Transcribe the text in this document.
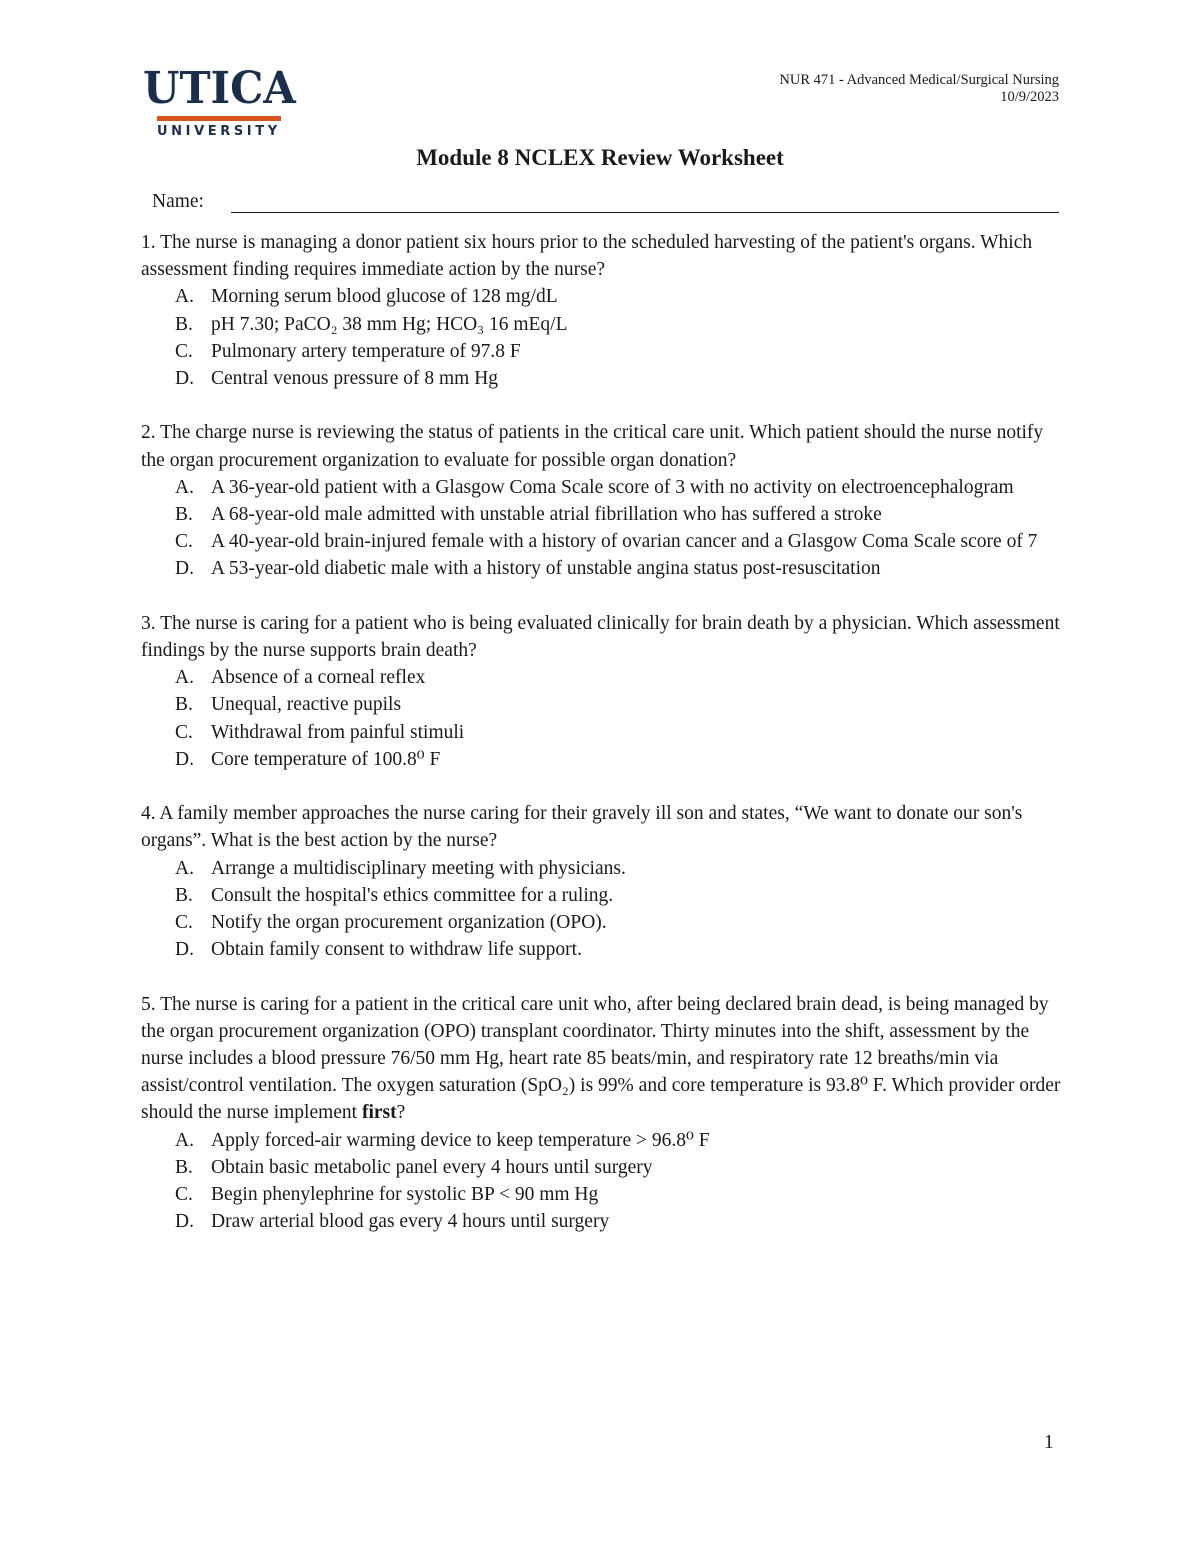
UTICA
UNIVERSITY
NUR 471 - Advanced Medical/Surgical Nursing
10/9/2023
Module 8 NCLEX Review Worksheet
Name:

1. The nurse is managing a donor patient six hours prior to the scheduled harvesting of the patient's organs. Which assessment finding requires immediate action by the nurse?

A. Morning serum blood glucose of 128 mg/dL
B. pH 7.30; PaCO₂ 38 mm Hg; HCO₃ 16 mEq/L
C. Pulmonary artery temperature of 97.8 F
D. Central venous pressure of 8 mm Hg

2. The charge nurse is reviewing the status of patients in the critical care unit. Which patient should the nurse notify the organ procurement organization to evaluate for possible organ donation?

A. A 36-year-old patient with a Glasgow Coma Scale score of 3 with no activity on electroencephalogram
B. A 68-year-old male admitted with unstable atrial fibrillation who has suffered a stroke
C. A 40-year-old brain-injured female with a history of ovarian cancer and a Glasgow Coma Scale score of 7
D. A 53-year-old diabetic male with a history of unstable angina status post-resuscitation

3. The nurse is caring for a patient who is being evaluated clinically for brain death by a physician. Which assessment findings by the nurse supports brain death?

A. Absence of a corneal reflex
B. Unequal, reactive pupils
C. Withdrawal from painful stimuli
D. Core temperature of 100.8⁰ F

4. A family member approaches the nurse caring for their gravely ill son and states, “We want to donate our son's organs”. What is the best action by the nurse?

A. Arrange a multidisciplinary meeting with physicians.
B. Consult the hospital's ethics committee for a ruling.
C. Notify the organ procurement organization (OPO).
D. Obtain family consent to withdraw life support.

5. The nurse is caring for a patient in the critical care unit who, after being declared brain dead, is being managed by the organ procurement organization (OPO) transplant coordinator. Thirty minutes into the shift, assessment by the nurse includes a blood pressure 76/50 mm Hg, heart rate 85 beats/min, and respiratory rate 12 breaths/min via assist/control ventilation. The oxygen saturation (SpO₂) is 99% and core temperature is 93.8⁰ F. Which provider order should the nurse implement first?

A. Apply forced-air warming device to keep temperature > 96.8⁰ F
B. Obtain basic metabolic panel every 4 hours until surgery
C. Begin phenylephrine for systolic BP < 90 mm Hg
D. Draw arterial blood gas every 4 hours until surgery
1
